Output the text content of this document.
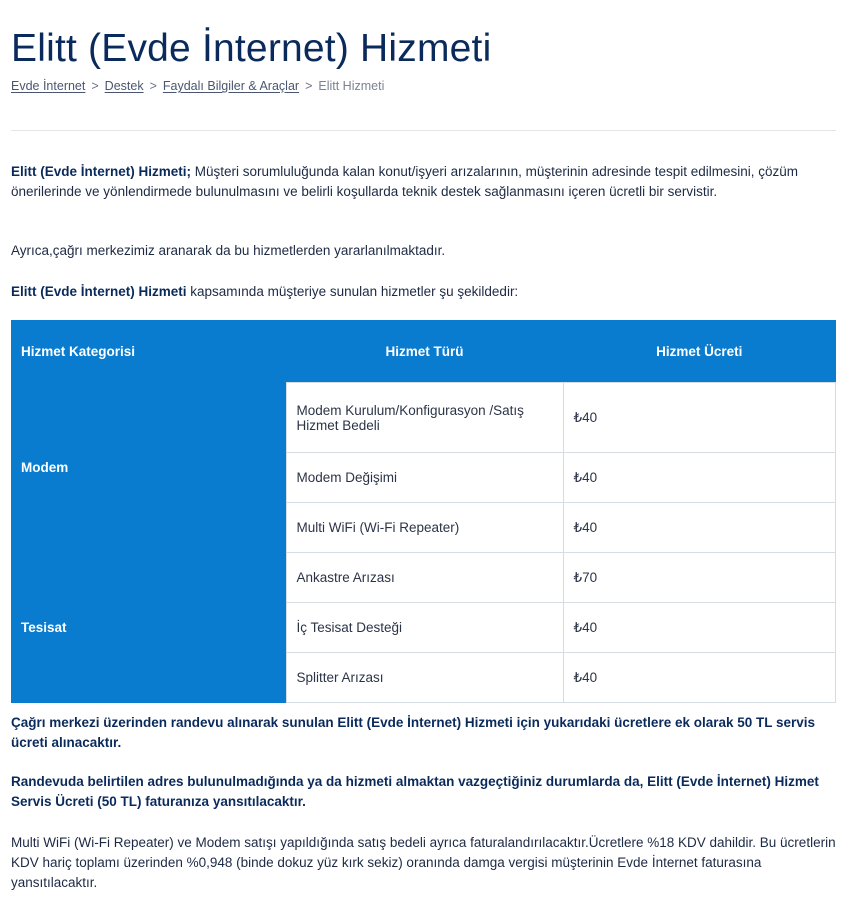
Elitt (Evde İnternet) Hizmeti
Evde İnternet > Destek > Faydalı Bilgiler & Araçlar > Elitt Hizmeti

Elitt (Evde İnternet) Hizmeti; Müşteri sorumluluğunda kalan konut/işyeri arızalarının, müşterinin adresinde tespit edilmesini, çözüm önerilerinde ve yönlendirmede bulunulmasını ve belirli koşullarda teknik destek sağlanmasını içeren ücretli bir servistir.

Ayrıca,çağrı merkezimiz aranarak da bu hizmetlerden yararlanılmaktadır.

Elitt (Evde İnternet) Hizmeti kapsamında müşteriye sunulan hizmetler şu şekildedir:

Hizmet Kategorisi	Hizmet Türü	Hizmet Ücreti
Modem	Modem Kurulum/Konfigurasyon /Satış Hizmet Bedeli	₺40
	Modem Değişimi	₺40
	Multi WiFi (Wi-Fi Repeater)	₺40
Tesisat	Ankastre Arızası	₺70
	İç Tesisat Desteği	₺40
	Splitter Arızası	₺40

Çağrı merkezi üzerinden randevu alınarak sunulan Elitt (Evde İnternet) Hizmeti için yukarıdaki ücretlere ek olarak 50 TL servis ücreti alınacaktır.

Randevuda belirtilen adres bulunulmadığında ya da hizmeti almaktan vazgeçtiğiniz durumlarda da, Elitt (Evde İnternet) Hizmet Servis Ücreti (50 TL) faturanıza yansıtılacaktır.

Multi WiFi (Wi-Fi Repeater) ve Modem satışı yapıldığında satış bedeli ayrıca faturalandırılacaktır.Ücretlere %18 KDV dahildir. Bu ücretlerin KDV hariç toplamı üzerinden %0,948 (binde dokuz yüz kırk sekiz) oranında damga vergisi müşterinin Evde İnternet faturasına yansıtılacaktır.
